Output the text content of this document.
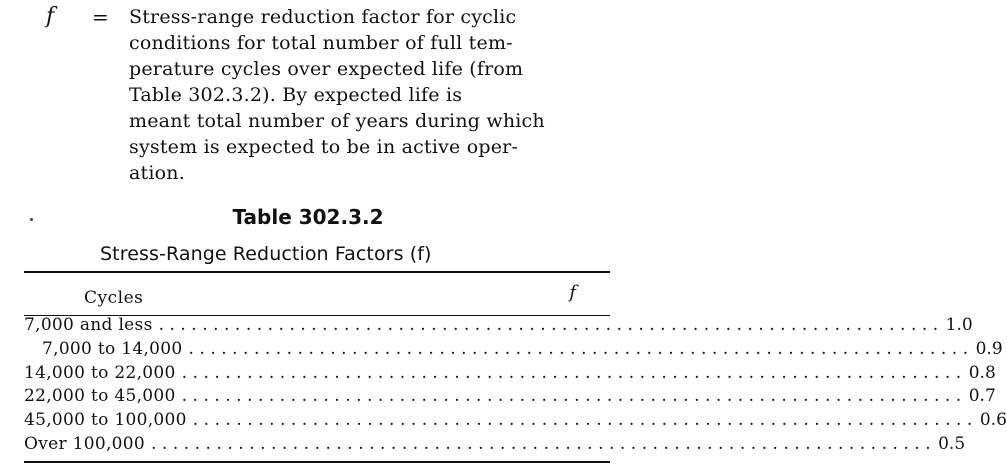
f = Stress-range reduction factor for cyclic
conditions for total number of full tem-
perature cycles over expected life (from
Table 302.3.2). By expected life is
meant total number of years during which
system is expected to be in active oper-
ation.
Table 302.3.2
Stress-Range Reduction Factors (f)
Cycles	f
7,000 and less ........................................................................ 1.0
7,000 to 14,000 ........................................................................ 0.9
14,000 to 22,000 ........................................................................ 0.8
22,000 to 45,000 ........................................................................ 0.7
45,000 to 100,000 ........................................................................ 0.6
Over 100,000 ........................................................................ 0.5
